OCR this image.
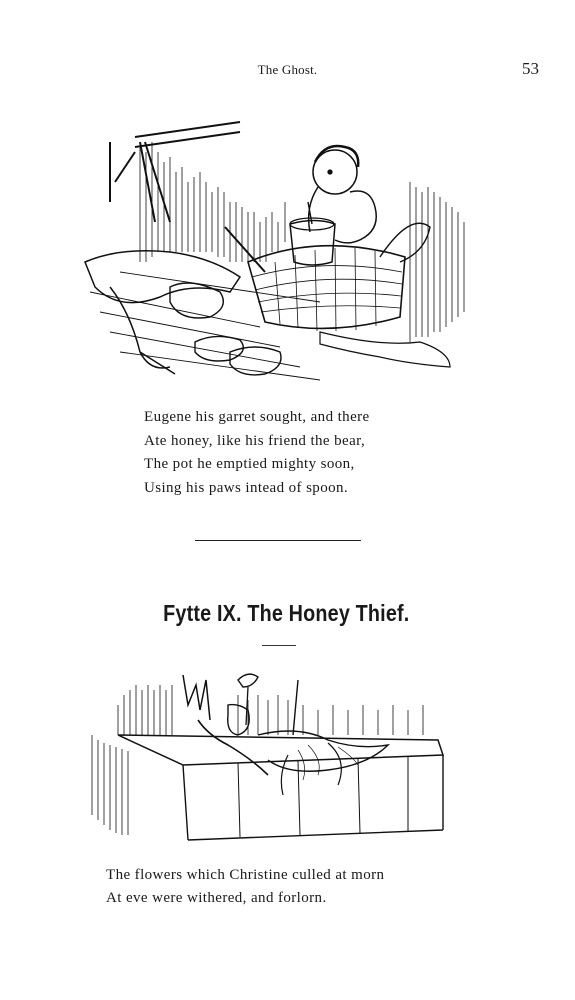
The Ghost.	53
Eugene his garret sought, and there
Ate honey, like his friend the bear,
The pot he emptied mighty soon,
Using his paws intead of spoon.
Fytte IX. The Honey Thief.
The flowers which Christine culled at morn
At eve were withered, and forlorn.
